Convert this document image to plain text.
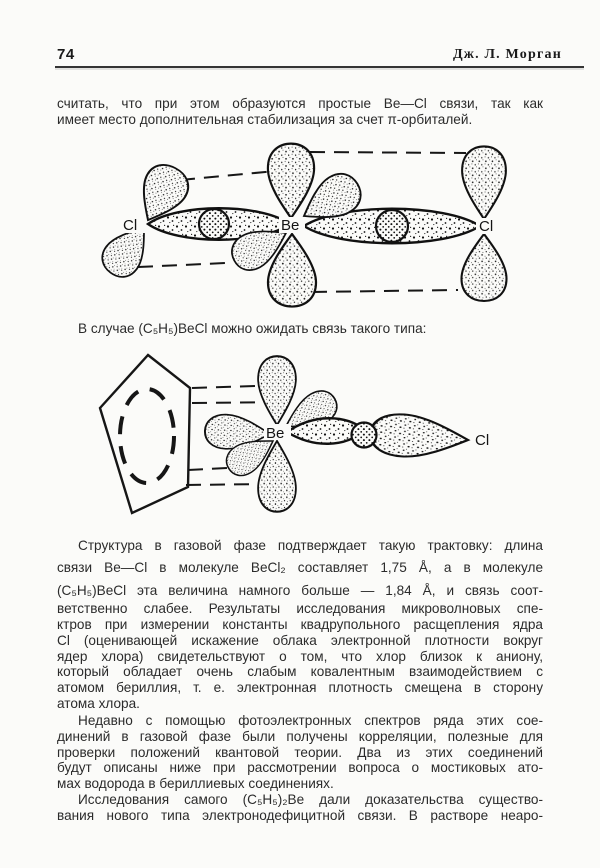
74	Дж. Л. Морган
считать, что при этом образуются простые Be—Cl связи, так как
имеет место дополнительная стабилизация за счет π-орбиталей.
Cl	Be	Cl
В случае (C₅H₅)BeCl можно ожидать связь такого типа:
Be	Cl
Структура в газовой фазе подтверждает такую трактовку: длина
связи Be—Cl в молекуле BeCl₂ составляет 1,75 Å, а в молекуле
(C₅H₅)BeCl эта величина намного больше — 1,84 Å, и связь соот-
ветственно слабее. Результаты исследования микроволновых спе-
ктров при измерении константы квадрупольного расщепления ядра
Cl (оценивающей искажение облака электронной плотности вокруг
ядер хлора) свидетельствуют о том, что хлор близок к аниону,
который обладает очень слабым ковалентным взаимодействием с
атомом бериллия, т. е. электронная плотность смещена в сторону
атома хлора.
Недавно с помощью фотоэлектронных спектров ряда этих сое-
динений в газовой фазе были получены корреляции, полезные для
проверки положений квантовой теории. Два из этих соединений
будут описаны ниже при рассмотрении вопроса о мостиковых ато-
мах водорода в бериллиевых соединениях.
Исследования самого (C₅H₅)₂Be дали доказательства существо-
вания нового типа электронодефицитной связи. В растворе неаро-
